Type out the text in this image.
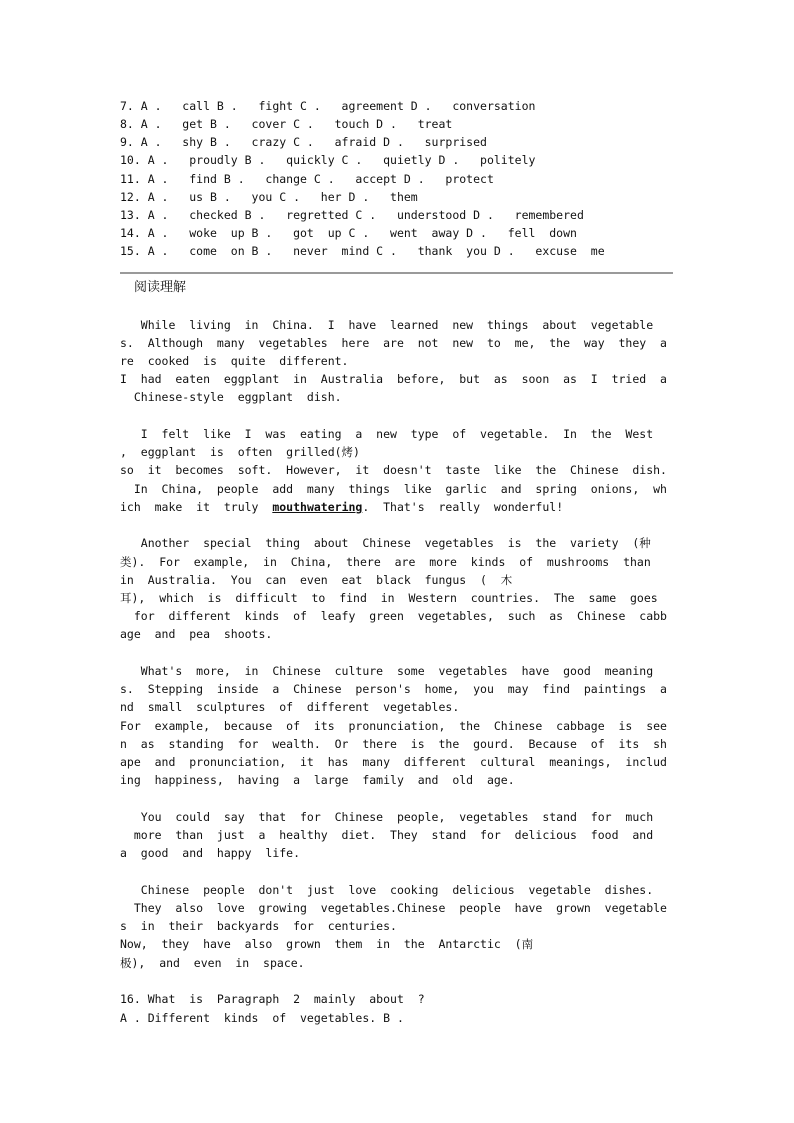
7. A .   call B .   fight C .   agreement D .   conversation
8. A .   get B .   cover C .   touch D .   treat
9. A .   shy B .   crazy C .   afraid D .   surprised
10. A .   proudly B .   quickly C .   quietly D .   politely
11. A .   find B .   change C .   accept D .   protect
12. A .   us B .   you C .   her D .   them
13. A .   checked B .   regretted C .   understood D .   remembered
14. A .   woke  up B .   got  up C .   went  away D .   fell  down
15. A .   come  on B .   never  mind C .   thank  you D .   excuse  me
阅读理解
While  living  in  China.  I  have  learned  new  things  about  vegetable
s.  Although  many  vegetables  here  are  not  new  to  me,  the  way  they  a
re  cooked  is  quite  different.
I  had  eaten  eggplant  in  Australia  before,  but  as  soon  as  I  tried  a
Chinese-style  eggplant  dish.
I  felt  like  I  was  eating  a  new  type  of  vegetable.  In  the  West
,  eggplant  is  often  grilled(烤)
so  it  becomes  soft.  However,  it  doesn't  taste  like  the  Chinese  dish.
In  China,  people  add  many  things  like  garlic  and  spring  onions,  wh
ich  make  it  truly  mouthwatering.  That's  really  wonderful!
Another  special  thing  about  Chinese  vegetables  is  the  variety  (种
类).  For  example,  in  China,  there  are  more  kinds  of  mushrooms  than
in  Australia.  You  can  even  eat  black  fungus  (  木
耳),  which  is  difficult  to  find  in  Western  countries.  The  same  goes
for  different  kinds  of  leafy  green  vegetables,  such  as  Chinese  cabb
age  and  pea  shoots.
What's  more,  in  Chinese  culture  some  vegetables  have  good  meaning
s.  Stepping  inside  a  Chinese  person's  home,  you  may  find  paintings  a
nd  small  sculptures  of  different  vegetables.
For  example,  because  of  its  pronunciation,  the  Chinese  cabbage  is  see
n  as  standing  for  wealth.  Or  there  is  the  gourd.  Because  of  its  sh
ape  and  pronunciation,  it  has  many  different  cultural  meanings,  includ
ing  happiness,  having  a  large  family  and  old  age.
You  could  say  that  for  Chinese  people,  vegetables  stand  for  much
more  than  just  a  healthy  diet.  They  stand  for  delicious  food  and
a  good  and  happy  life.
Chinese  people  don't  just  love  cooking  delicious  vegetable  dishes.
They  also  love  growing  vegetables.Chinese  people  have  grown  vegetable
s  in  their  backyards  for  centuries.
Now,  they  have  also  grown  them  in  the  Antarctic  (南
极),  and  even  in  space.
16. What  is  Paragraph  2  mainly  about  ?
A . Different  kinds  of  vegetables. B .
